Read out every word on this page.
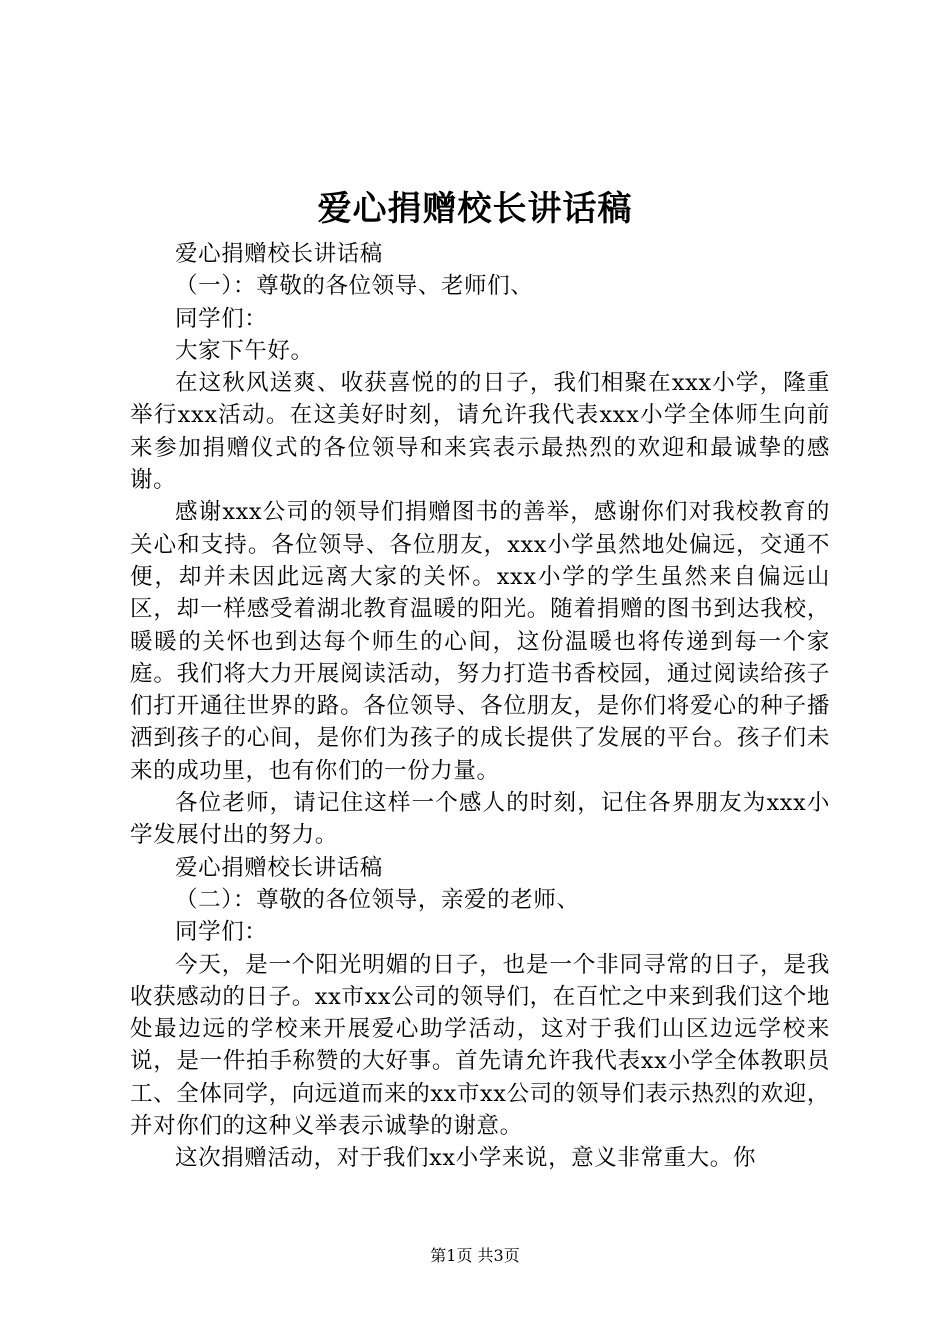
爱心捐赠校长讲话稿

爱心捐赠校长讲话稿

（一）：尊敬的各位领导、老师们、

同学们：

大家下午好。

在这秋风送爽、收获喜悦的的日子，我们相聚在xxx小学，隆重举行xxx活动。在这美好时刻，请允许我代表xxx小学全体师生向前来参加捐赠仪式的各位领导和来宾表示最热烈的欢迎和最诚挚的感谢。

感谢xxx公司的领导们捐赠图书的善举，感谢你们对我校教育的关心和支持。各位领导、各位朋友，xxx小学虽然地处偏远，交通不便，却并未因此远离大家的关怀。xxx小学的学生虽然来自偏远山区，却一样感受着湖北教育温暖的阳光。随着捐赠的图书到达我校，暖暖的关怀也到达每个师生的心间，这份温暖也将传递到每一个家庭。我们将大力开展阅读活动，努力打造书香校园，通过阅读给孩子们打开通往世界的路。各位领导、各位朋友，是你们将爱心的种子播洒到孩子的心间，是你们为孩子的成长提供了发展的平台。孩子们未来的成功里，也有你们的一份力量。

各位老师，请记住这样一个感人的时刻，记住各界朋友为xxx小学发展付出的努力。

爱心捐赠校长讲话稿

（二）：尊敬的各位领导，亲爱的老师、

同学们：

今天，是一个阳光明媚的日子，也是一个非同寻常的日子，是我收获感动的日子。xx市xx公司的领导们，在百忙之中来到我们这个地处最边远的学校来开展爱心助学活动，这对于我们山区边远学校来说，是一件拍手称赞的大好事。首先请允许我代表xx小学全体教职员工、全体同学，向远道而来的xx市xx公司的领导们表示热烈的欢迎，并对你们的这种义举表示诚挚的谢意。

这次捐赠活动，对于我们xx小学来说，意义非常重大。你

第1页 共3页
